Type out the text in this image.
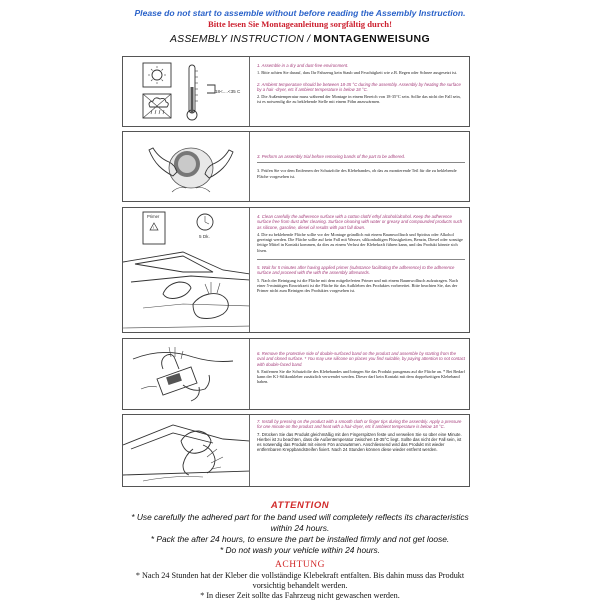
Please do not start to assemble without before reading the Assembly Instruction.
Bitte lesen Sie Montageanleitung sorgfältig durch!
ASSEMBLY INSTRUCTION / MONTAGENWEISUNG
18<....<35 C
1. Assemble in a dry and dust-free environment.
1. Bitte achten Sie darauf, dass Ihr Fahrzeug kein Staub und Feuchtigkeit wie z.B. Regen oder Schnee ausgesetzt ist.
2. Ambient temperature should be between 18-35 °C during the assembly. Assembly by heating the surface by a hair -dryer, etc if ambient temperature is below 18 °C.
2. Die Außentemperatur muss während der Montage in einem Bereich von 18-35°C sein. Sollte das nicht der Fall sein, ist es notwendig die zu beklebende Stelle mit einem Föhn anzuwärmen.
3. Perform an assembly trial before removing bands of the part to be adhered.
3. Prüfen Sie vor dem Entfernen der Schutzfolie des Klebebandes, ob das zu montierende Teil für die zu beklebende Fläche vorgesehen ist.
Primer
!
5 Dk.
4. Clean carefully the adherence surface with a cotton cloth/ ethyl alcohol/alcohol. Keep the adherence surface free from dust after cleaning. Surface cleaning with water or greasy and compounded products such as silicone, gasoline, diesel oil results with part fall down.
4. Die zu beklebende Fläche sollte vor der Montage gründlich mit einem Baumwolltuch und Spiritus oder Alkohol gereinigt werden. Die Fläche sollte auf kein Fall mit Wasser, silikonhaltigen Flüssigkeiten, Benzin, Diesel oder sonstige fettige Mittel in Kontakt kommen, da dies zu einem Verlust der Klebekraft führen kann, und das Produkt könnte sich lösen.
5. Wait for 5 minutes after having applied primer (substance facilitating the adherence) to the adherence surface and proceed with the with the assembly afterwards.
5. Nach der Reinigung ist die Fläche mit dem mitgelieferten Primer und mit einem Baumwolltuch aufzutragen. Nach einer 5-minütigen Einwirkzeit ist die Fläche für das Aufkleben des Produktes vorbereitet. Bitte beachten Sie, das der Primer nicht zum Reinigen des Produktes vorgesehen ist.
6. Remove the protective side of double-surfaced band on the product and assemble by starting from the oval and closed surface. * You may use silicone on places you find suitable, by paying attention to not contact with double-faced band.
6. Entfernen Sie die Schutzfolie des Klebebandes und bringen Sie das Produkt passgenau auf die Fläche an. * Bei Bedarf kann der K1-Silikonkleber zusätzlich verwendet werden. Dieser darf kein Kontakt mit dem doppelseitigen Klebeband haben.
7. Install by pressing on the product with a smooth cloth or finger tips during the assembly. Apply a pressure for one minute on the product and heat with a hair-dryer, etc if ambient temperature is below 18 °C.
7. Drücken Sie das Produkt gleichmäßig mit den Fingerspitzen feste und verweilen Sie so über eine Minute. Hierbei ist zu beachten, dass die Außentemperatur zwischen 18-35°C liegt. Sollte das nicht der Fall sein, ist es notwendig das Produkt mit einem Fön anzuwärmen. Anschliessend wird das Produkt mit wieder entfernbaren Kreppbandstreifen fixiert. Nach 24 Stunden können diese wieder entfernt werden.
ATTENTION
* Use carefully the adhered part for the band used will completely reflects its characteristics within 24 hours.
* Pack the after 24 hours, to ensure the part be installed firmly and not get loose.
* Do not wash your vehicle within 24 hours.
ACHTUNG
* Nach 24 Stunden hat der Kleber die vollständige Klebekraft entfalten. Bis dahin muss das Produkt vorsichtig behandelt werden.
* In dieser Zeit sollte das Fahrzeug nicht gewaschen werden.
